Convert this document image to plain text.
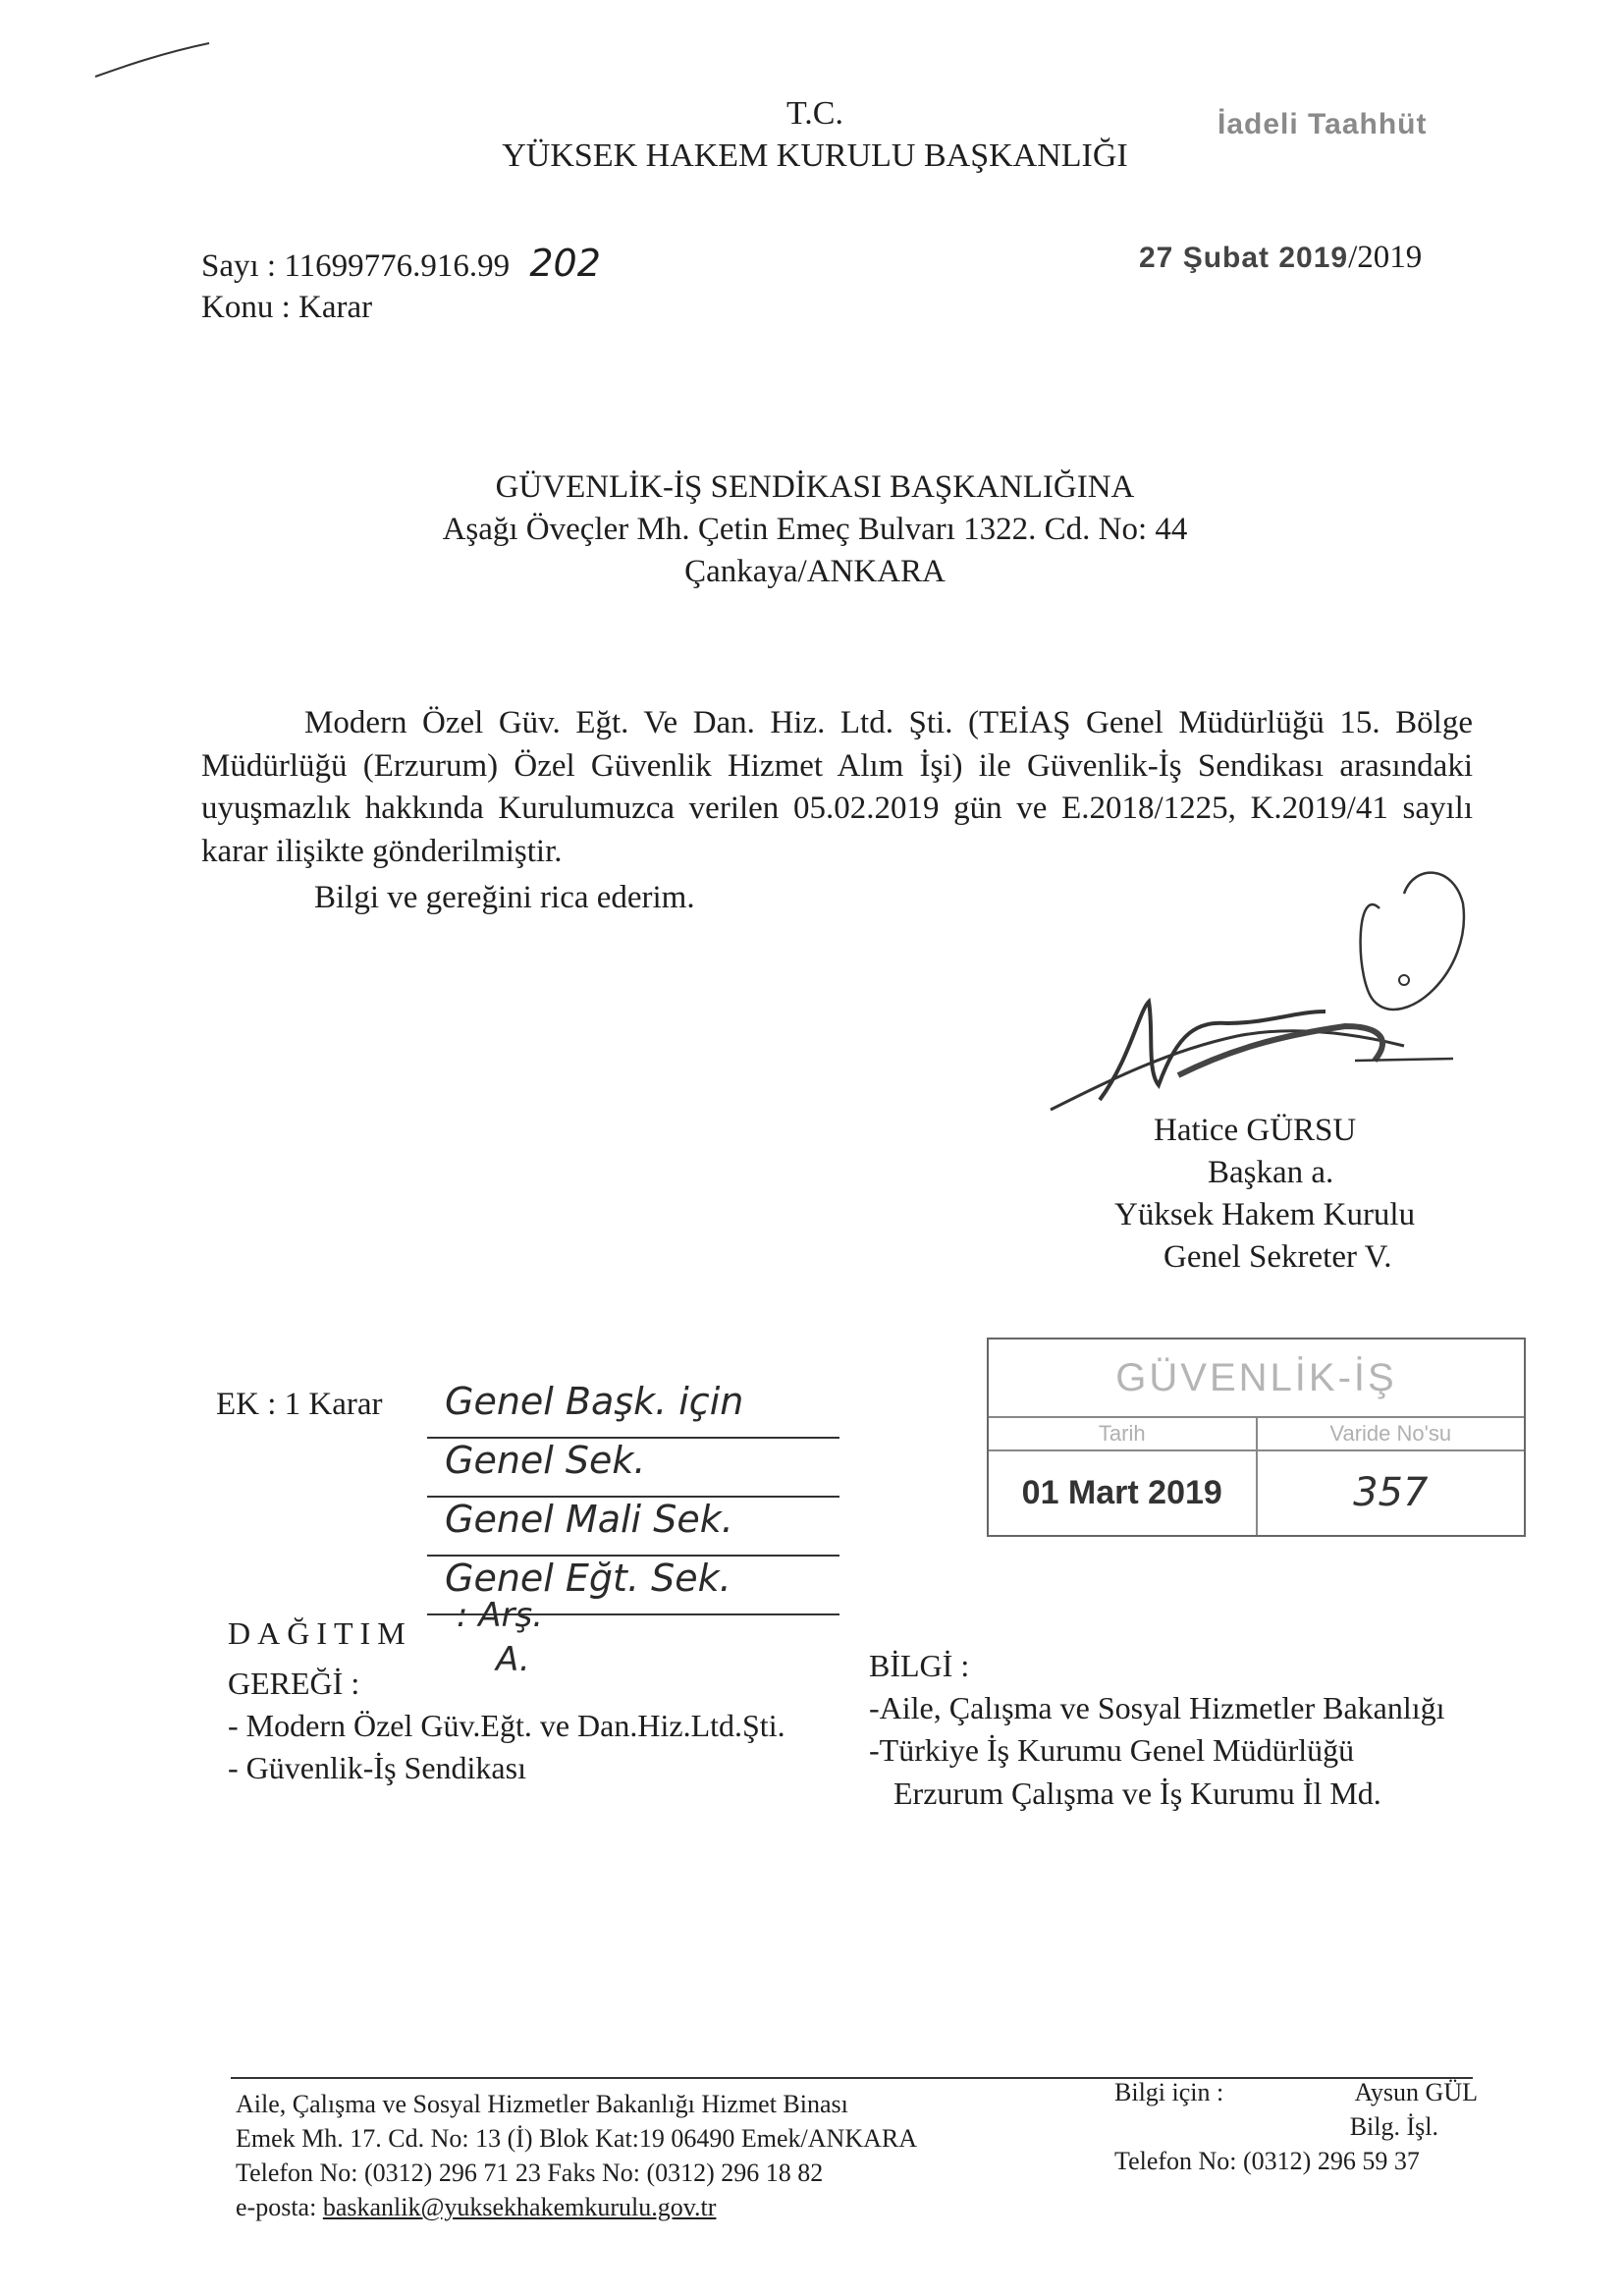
T.C.
YÜKSEK HAKEM KURULU BAŞKANLIĞI
İadeli Taahhüt
Sayı : 11699776.916.99 202
Konu : Karar
27 Şubat 2019/2019
GÜVENLİK-İŞ SENDİKASI BAŞKANLIĞINA
Aşağı Öveçler Mh. Çetin Emeç Bulvarı 1322. Cd. No: 44
Çankaya/ANKARA

Modern Özel Güv. Eğt. Ve Dan. Hiz. Ltd. Şti. (TEİAŞ Genel Müdürlüğü 15. Bölge Müdürlüğü (Erzurum) Özel Güvenlik Hizmet Alım İşi) ile Güvenlik-İş Sendikası arasındaki uyuşmazlık hakkında Kurulumuzca verilen 05.02.2019 gün ve E.2018/1225, K.2019/41 sayılı karar ilişikte gönderilmiştir.

Bilgi ve gereğini rica ederim.
Hatice GÜRSU
Başkan a.
Yüksek Hakem Kurulu
Genel Sekreter V.
EK : 1 Karar	Genel Başk. için
Genel Sek.
Genel Mali Sek.
Genel Eğt. Sek.
GÜVENLİK-İŞ
Tarih
01 Mart 2019
Varide No'su
357
DAĞITIM : Arş.
A.
GEREĞİ :
- Modern Özel Güv.Eğt. ve Dan.Hiz.Ltd.Şti.
- Güvenlik-İş Sendikası
BİLGİ :
-Aile, Çalışma ve Sosyal Hizmetler Bakanlığı
-Türkiye İş Kurumu Genel Müdürlüğü
Erzurum Çalışma ve İş Kurumu İl Md.
Aile, Çalışma ve Sosyal Hizmetler Bakanlığı Hizmet Binası
Emek Mh. 17. Cd. No: 13 (İ) Blok Kat:19 06490 Emek/ANKARA
Telefon No: (0312) 296 71 23 Faks No: (0312) 296 18 82
e-posta: baskanlik@yuksekhakemkurulu.gov.tr
Bilgi için :	Aysun GÜL
Bilg. İşl.
Telefon No: (0312) 296 59 37
